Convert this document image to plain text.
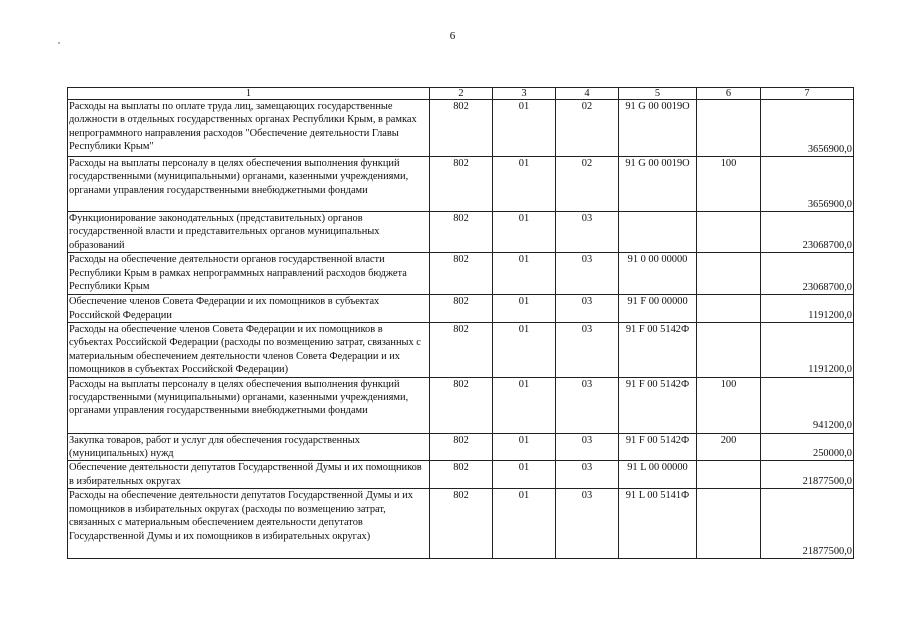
6
1	2	3	4	5	6	7
Расходы на выплаты по оплате труда лиц, замещающих государственные должности в отдельных государственных органах Республики Крым, в рамках непрограммного направления расходов "Обеспечение деятельности Главы Республики Крым"	802	01	02	91 G 00 0019О		3656900,0
Расходы на выплаты персоналу в целях обеспечения выполнения функций государственными (муниципальными) органами, казенными учреждениями, органами управления государственными внебюджетными фондами	802	01	02	91 G 00 0019О	100	3656900,0
Функционирование законодательных (представительных) органов государственной власти и представительных органов муниципальных образований	802	01	03			23068700,0
Расходы на обеспечение деятельности органов государственной власти Республики Крым в рамках непрограммных направлений расходов бюджета Республики Крым	802	01	03	91 0 00 00000		23068700,0
Обеспечение членов Совета Федерации и их помощников в субъектах Российской Федерации	802	01	03	91 F 00 00000		1191200,0
Расходы на обеспечение членов Совета Федерации и их помощников в субъектах Российской Федерации (расходы по возмещению затрат, связанных с материальным обеспечением деятельности членов Совета Федерации и их помощников в субъектах Российской Федерации)	802	01	03	91 F 00 5142Ф		1191200,0
Расходы на выплаты персоналу в целях обеспечения выполнения функций государственными (муниципальными) органами, казенными учреждениями, органами управления государственными внебюджетными фондами	802	01	03	91 F 00 5142Ф	100	941200,0
Закупка товаров, работ и услуг для обеспечения государственных (муниципальных) нужд	802	01	03	91 F 00 5142Ф	200	250000,0
Обеспечение деятельности депутатов Государственной Думы и их помощников в избирательных округах	802	01	03	91 L 00 00000		21877500,0
Расходы на обеспечение деятельности депутатов Государственной Думы и их помощников в избирательных округах (расходы по возмещению затрат, связанных с материальным обеспечением деятельности депутатов Государственной Думы и их помощников в избирательных округах)	802	01	03	91 L 00 5141Ф		21877500,0
